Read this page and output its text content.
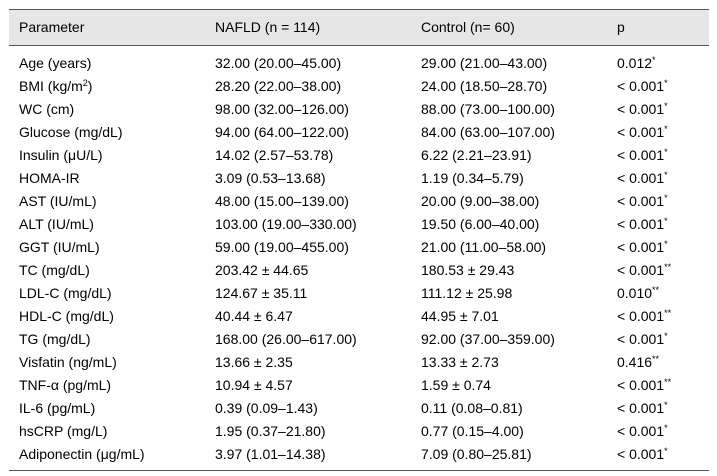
Parameter	NAFLD (n = 114)	Control (n= 60)	p
Age (years)	32.00 (20.00–45.00)	29.00 (21.00–43.00)	0.012*
BMI $(kg/m^2)$	28.20 (22.00–38.00)	24.00 (18.50–28.70)	< 0.001*
WC (cm)	98.00 (32.00–126.00)	88.00 (73.00–100.00)	< 0.001*
Glucose (mg/dL)	94.00 (64.00–122.00)	84.00 (63.00–107.00)	< 0.001*
Insulin (μU/L)	14.02 (2.57–53.78)	6.22 (2.21–23.91)	< 0.001*
HOMA-IR	3.09 (0.53–13.68)	1.19 (0.34–5.79)	< 0.001*
AST (IU/mL)	48.00 (15.00–139.00)	20.00 (9.00–38.00)	< 0.001*
ALT (IU/mL)	103.00 (19.00–330.00)	19.50 (6.00–40.00)	< 0.001*
GGT (IU/mL)	59.00 (19.00–455.00)	21.00 (11.00–58.00)	< 0.001*
TC (mg/dL)	203.42 ± 44.65	180.53 ± 29.43	< 0.001**
LDL-C (mg/dL)	124.67 ± 35.11	111.12 ± 25.98	0.010**
HDL-C (mg/dL)	40.44 ± 6.47	44.95 ± 7.01	< 0.001**
TG (mg/dL)	168.00 (26.00–617.00)	92.00 (37.00–359.00)	< 0.001*
Visfatin (ng/mL)	13.66 ± 2.35	13.33 ± 2.73	0.416**
TNF-α (pg/mL)	10.94 ± 4.57	1.59 ± 0.74	< 0.001**
IL-6 (pg/mL)	0.39 (0.09–1.43)	0.11 (0.08–0.81)	< 0.001*
hsCRP (mg/L)	1.95 (0.37–21.80)	0.77 (0.15–4.00)	< 0.001*
Adiponectin (μg/mL)	3.97 (1.01–14.38)	7.09 (0.80–25.81)	< 0.001*
